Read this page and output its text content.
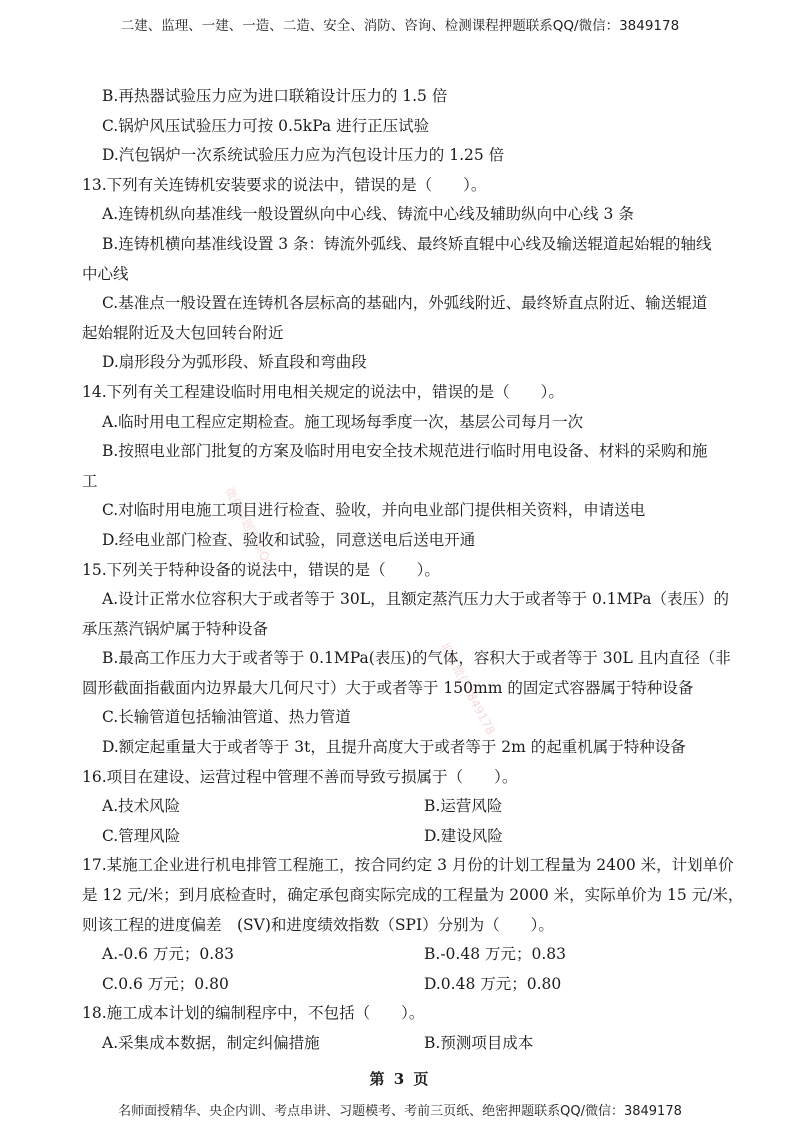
二建、监理、一建、一造、二造、安全、消防、咨询、检测课程押题联系QQ/微信：3849178
微信押题联系QQ
联系微信3849178
B.再热器试验压力应为进口联箱设计压力的 1.5 倍
C.锅炉风压试验压力可按 0.5kPa 进行正压试验
D.汽包锅炉一次系统试验压力应为汽包设计压力的 1.25 倍
13.下列有关连铸机安装要求的说法中，错误的是（　　）。
A.连铸机纵向基准线一般设置纵向中心线、铸流中心线及辅助纵向中心线 3 条
B.连铸机横向基准线设置 3 条：铸流外弧线、最终矫直辊中心线及输送辊道起始辊的轴线
中心线
C.基准点一般设置在连铸机各层标高的基础内，外弧线附近、最终矫直点附近、输送辊道
起始辊附近及大包回转台附近
D.扇形段分为弧形段、矫直段和弯曲段
14.下列有关工程建设临时用电相关规定的说法中，错误的是（　　）。
A.临时用电工程应定期检查。施工现场每季度一次，基层公司每月一次
B.按照电业部门批复的方案及临时用电安全技术规范进行临时用电设备、材料的采购和施
工
C.对临时用电施工项目进行检查、验收，并向电业部门提供相关资料，申请送电
D.经电业部门检查、验收和试验，同意送电后送电开通
15.下列关于特种设备的说法中，错误的是（　　）。
A.设计正常水位容积大于或者等于 30L，且额定蒸汽压力大于或者等于 0.1MPa（表压）的
承压蒸汽锅炉属于特种设备
B.最高工作压力大于或者等于 0.1MPa(表压)的气体，容积大于或者等于 30L 且内直径（非
圆形截面指截面内边界最大几何尺寸）大于或者等于 150mm 的固定式容器属于特种设备
C.长输管道包括输油管道、热力管道
D.额定起重量大于或者等于 3t，且提升高度大于或者等于 2m 的起重机属于特种设备
16.项目在建设、运营过程中管理不善而导致亏损属于（　　）。
A.技术风险	B.运营风险
C.管理风险	D.建设风险
17.某施工企业进行机电排管工程施工，按合同约定 3 月份的计划工程量为 2400 米，计划单价
是 12 元/米；到月底检查时，确定承包商实际完成的工程量为 2000 米，实际单价为 15 元/米，
则该工程的进度偏差　(SV)和进度绩效指数（SPI）分别为（　　）。
A.-0.6 万元；0.83	B.-0.48 万元；0.83
C.0.6 万元；0.80	D.0.48 万元；0.80
18.施工成本计划的编制程序中，不包括（　　）。
A.采集成本数据，制定纠偏措施	B.预测项目成本
第 3 页
名师面授精华、央企内训、考点串讲、习题模考、考前三页纸、绝密押题联系QQ/微信：3849178
